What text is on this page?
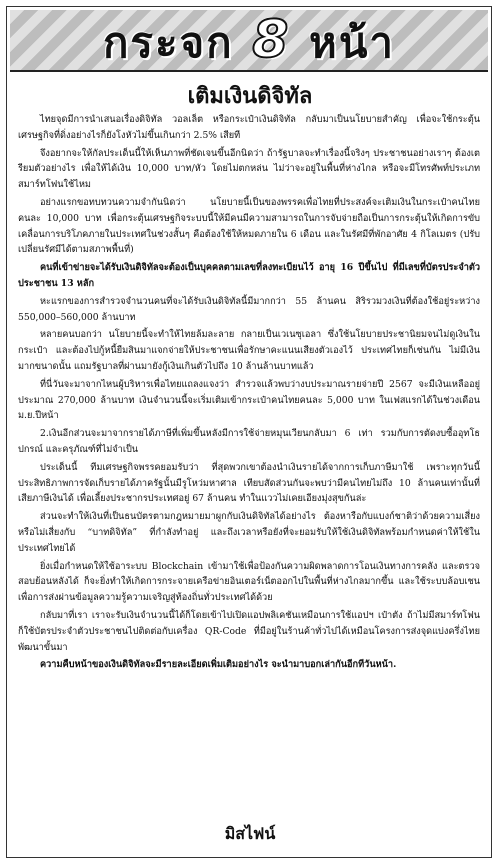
กระจก 8 หน้า
เติมเงินดิจิทัล

ไทยจุดมีการนำเสนอเรื่องดิจิทัล วอลเล็ต หรือกระเป๋าเงินดิจิทัล กลับมาเป็นนโยบายสำคัญ เพื่อจะใช้กระตุ้นเศรษฐกิจที่ดิ่งอย่างไรก็ยังโงหัวไม่ขึ้นเกินกว่า 2.5% เสียที

จึงอยากจะให้กัลประเด็นนี้ให้เห็นภาพที่ชัดเจนขึ้นอีกนิดว่า ถ้ารัฐบาลจะทำเรื่องนี้จริงๆ ประชาชนอย่างเราๆ ต้องเตรียมตัวอย่างไร เพื่อให้ได้เงิน 10,000 บาท/หัว โดยไม่ตกหล่น ไม่ว่าจะอยู่ในพื้นที่ห่างไกล หรือจะมีโทรศัพท์ประเภทสมาร์ทโฟนใช้ไหม

อย่างแรกขอทบทวนความจำกันนิดว่า นโยบายนี้เป็นของพรรคเพื่อไทยที่ประสงค์จะเติมเงินในกระเป๋าคนไทยคนละ 10,000 บาท เพื่อกระตุ้นเศรษฐกิจระบบนี้ให้มีคนมีความสามารถในการจับจ่ายถือเป็นการกระตุ้นให้เกิดการขับเคลื่อนการบริโภคภายในประเทศในช่วงสั้นๆ คือต้องใช้ให้หมดภายใน 6 เดือน และในรัศมีที่พักอาศัย 4 กิโลเมตร (ปรับเปลี่ยนรัศมีได้ตามสภาพพื้นที่)

คนที่เข้าข่ายจะได้รับเงินดิจิทัลจะต้องเป็นบุคคลตามเลขที่ลงทะเบียนไว้ อายุ 16 ปีขึ้นไป ที่มีเลขที่บัตรประจำตัวประชาชน 13 หลัก

หะแรกของการสำรวจจำนวนคนที่จะได้รับเงินดิจิทัลนี้มีมากกว่า 55 ล้านคน สิริรวมวงเงินที่ต้องใช้อยู่ระหว่าง 550,000–560,000 ล้านบาท

หลายคนบอกว่า นโยบายนี้จะทำให้ไทยล้มละลาย กลายเป็นเวเนซุเอลา ซึ่งใช้นโยบายประชานิยมจนไม่ดูเงินในกระเป๋า และต้องไปกู้หนี้ยืมสินมาแจกจ่ายให้ประชาชนเพื่อรักษาคะแนนเสียงตัวเองไว้ ประเทศไทยก็เช่นกัน ไม่มีเงินมากขนาดนั้น แถมรัฐบาลที่ผ่านมายังกู้เงินเกินตัวไปถึง 10 ล้านล้านบาทแล้ว

ที่นี่วันจะมาจากไหนผู้บริหารเพื่อไทยแถลงแจงว่า สำรวจแล้วพบว่างบประมาณรายจ่ายปี 2567 จะมีเงินเหลืออยู่ประมาณ 270,000 ล้านบาท เงินจำนวนนี้จะเริ่มเติมเข้ากระเป๋าคนไทยคนละ 5,000 บาท ในเฟสแรกได้ในช่วงเดือน ม.ย.ปีหน้า

2.เงินอีกส่วนจะมาจากรายได้ภาษีที่เพิ่มขึ้นหลังมีการใช้จ่ายหมุนเวียนกลับมา 6 เท่า รวมกับการตัดงบซื้ออุทโธปกรณ์ และครุภัณฑ์ที่ไม่จำเป็น

ประเด็นนี้ ทีมเศรษฐกิจพรรคยอมรับว่า ที่สุดพวกเขาต้องนำเงินรายได้จากการเก็บภาษีมาใช้ เพราะทุกวันนี้ประสิทธิภาพการจัดเก็บรายได้ภาครัฐนั้นมีรูโหว่มหาศาล เทียบสัดส่วนกันจะพบว่ามีคนไทยไม่ถึง 10 ล้านคนเท่านั้นที่เสียภาษีเงินได้ เพื่อเลี้ยงประชากรประเทศอยู่ 67 ล้านคน ทำในแววไม่เคยเอียงมุ่งสุขกันล่ะ

ส่วนจะทำให้เงินที่เป็นธนบัตรตามกฎหมายมาผูกกับเงินดิจิทัลได้อย่างไร ต้องหารือกับแบงก์ชาติว่าด้วยความเสี่ยงหรือไม่เสี่ยงกับ “บาทดิจิทัล” ที่กำลังทำอยู่ และถึงเวลาหรือยังที่จะยอมรับให้ใช้เงินดิจิทัลพร้อมกำหนดค่าให้ใช้ในประเทศไทยได้

ยิ่งเมื่อกำหนดให้ใช้อาระบบ Blockchain เข้ามาใช้เพื่อป้องกันความผิดพลาดการโอนเงินทางการคลัง และตรวจสอบย้อนหลังได้ ก็จะยิ่งทำให้เกิดการกระจายเครือข่ายอินเตอร์เน็ตออกไปในพื้นที่ห่างไกลมากขึ้น และใช้ระบบล้อบเชนเพื่อการส่งผ่านข้อมูลความรู้ความเจริญสู่ท้องถิ่นทั่วประเทศได้ด้วย

กลับมาที่เรา เราจะรับเงินจำนวนนี้ได้ก็โดยเข้าไปเปิดแอปพลิเคชันเหมือนการใช้แอปฯ เป๋าตัง ถ้าไม่มีสมาร์ทโฟนก็ใช้บัตรประจำตัวประชาชนไปติดต่อกับเครื่อง QR-Code ที่มีอยู่ในร้านค้าทั่วไปได้เหมือนโครงการส่งจุดแบ่งครึ่งไทยพัฒนาขั้นมา

ความคืบหน้าของเงินดิจิทัลจะมีรายละเอียดเพิ่มเติมอย่างไร จะนำมาบอกเล่ากันอีกทีวันหน้า.

มิสไฟน์
